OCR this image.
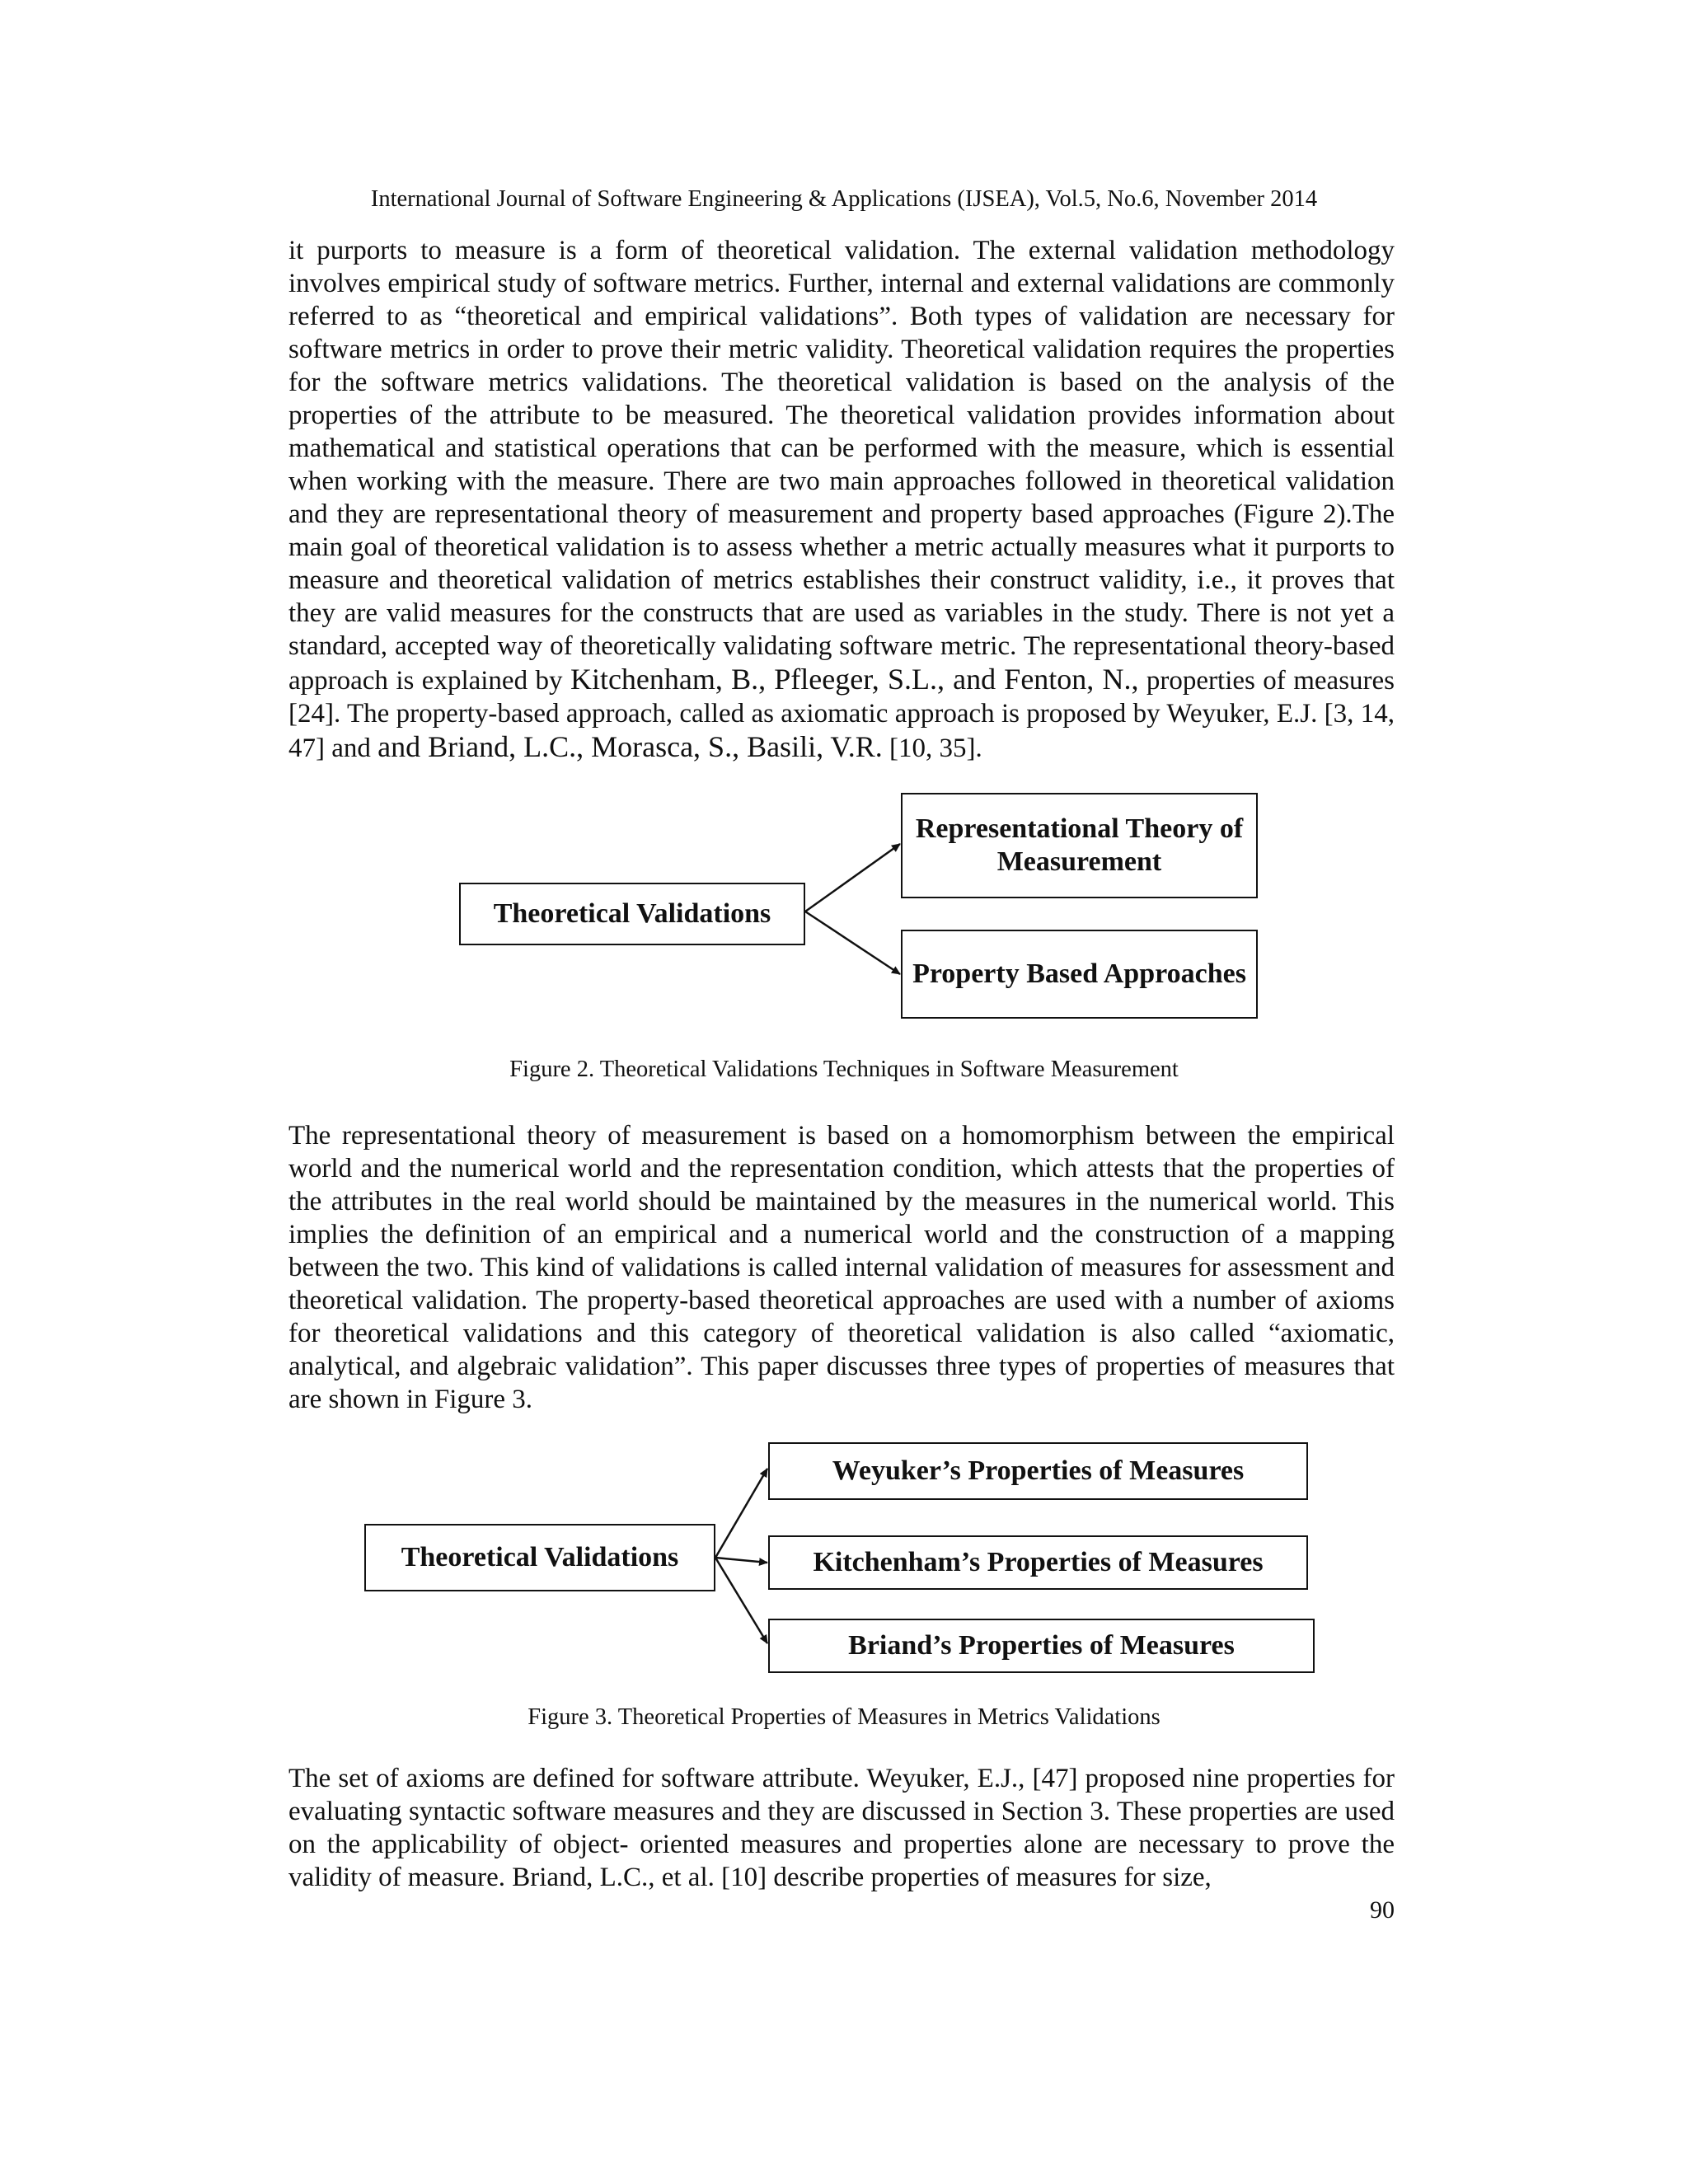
International Journal of Software Engineering & Applications (IJSEA), Vol.5, No.6, November 2014

it purports to measure is a form of theoretical validation. The external validation methodology involves empirical study of software metrics. Further, internal and external validations are commonly referred to as “theoretical and empirical validations”. Both types of validation are necessary for software metrics in order to prove their metric validity. Theoretical validation requires the properties for the software metrics validations. The theoretical validation is based on the analysis of the properties of the attribute to be measured. The theoretical validation provides information about mathematical and statistical operations that can be performed with the measure, which is essential when working with the measure. There are two main approaches followed in theoretical validation and they are representational theory of measurement and property based approaches (Figure 2).The main goal of theoretical validation is to assess whether a metric actually measures what it purports to measure and theoretical validation of metrics establishes their construct validity, i.e., it proves that they are valid measures for the constructs that are used as variables in the study. There is not yet a standard, accepted way of theoretically validating software metric. The representational theory-based approach is explained by Kitchenham, B., Pfleeger, S.L., and Fenton, N., properties of measures [24]. The property-based approach, called as axiomatic approach is proposed by Weyuker, E.J. [3, 14, 47] and and Briand, L.C., Morasca, S., Basili, V.R. [10, 35].

Theoretical Validations
Representational Theory of Measurement
Property Based Approaches
Figure 2. Theoretical Validations Techniques in Software Measurement

The representational theory of measurement is based on a homomorphism between the empirical world and the numerical world and the representation condition, which attests that the properties of the attributes in the real world should be maintained by the measures in the numerical world. This implies the definition of an empirical and a numerical world and the construction of a mapping between the two. This kind of validations is called internal validation of measures for assessment and theoretical validation. The property-based theoretical approaches are used with a number of axioms for theoretical validations and this category of theoretical validation is also called “axiomatic, analytical, and algebraic validation”. This paper discusses three types of properties of measures that are shown in Figure 3.

Theoretical Validations
Weyuker’s Properties of Measures
Kitchenham’s Properties of Measures
Briand’s Properties of Measures
Figure 3. Theoretical Properties of Measures in Metrics Validations

The set of axioms are defined for software attribute. Weyuker, E.J., [47] proposed nine properties for evaluating syntactic software measures and they are discussed in Section 3. These properties are used on the applicability of object- oriented measures and properties alone are necessary to prove the validity of measure. Briand, L.C., et al. [10] describe properties of measures for size,

90
